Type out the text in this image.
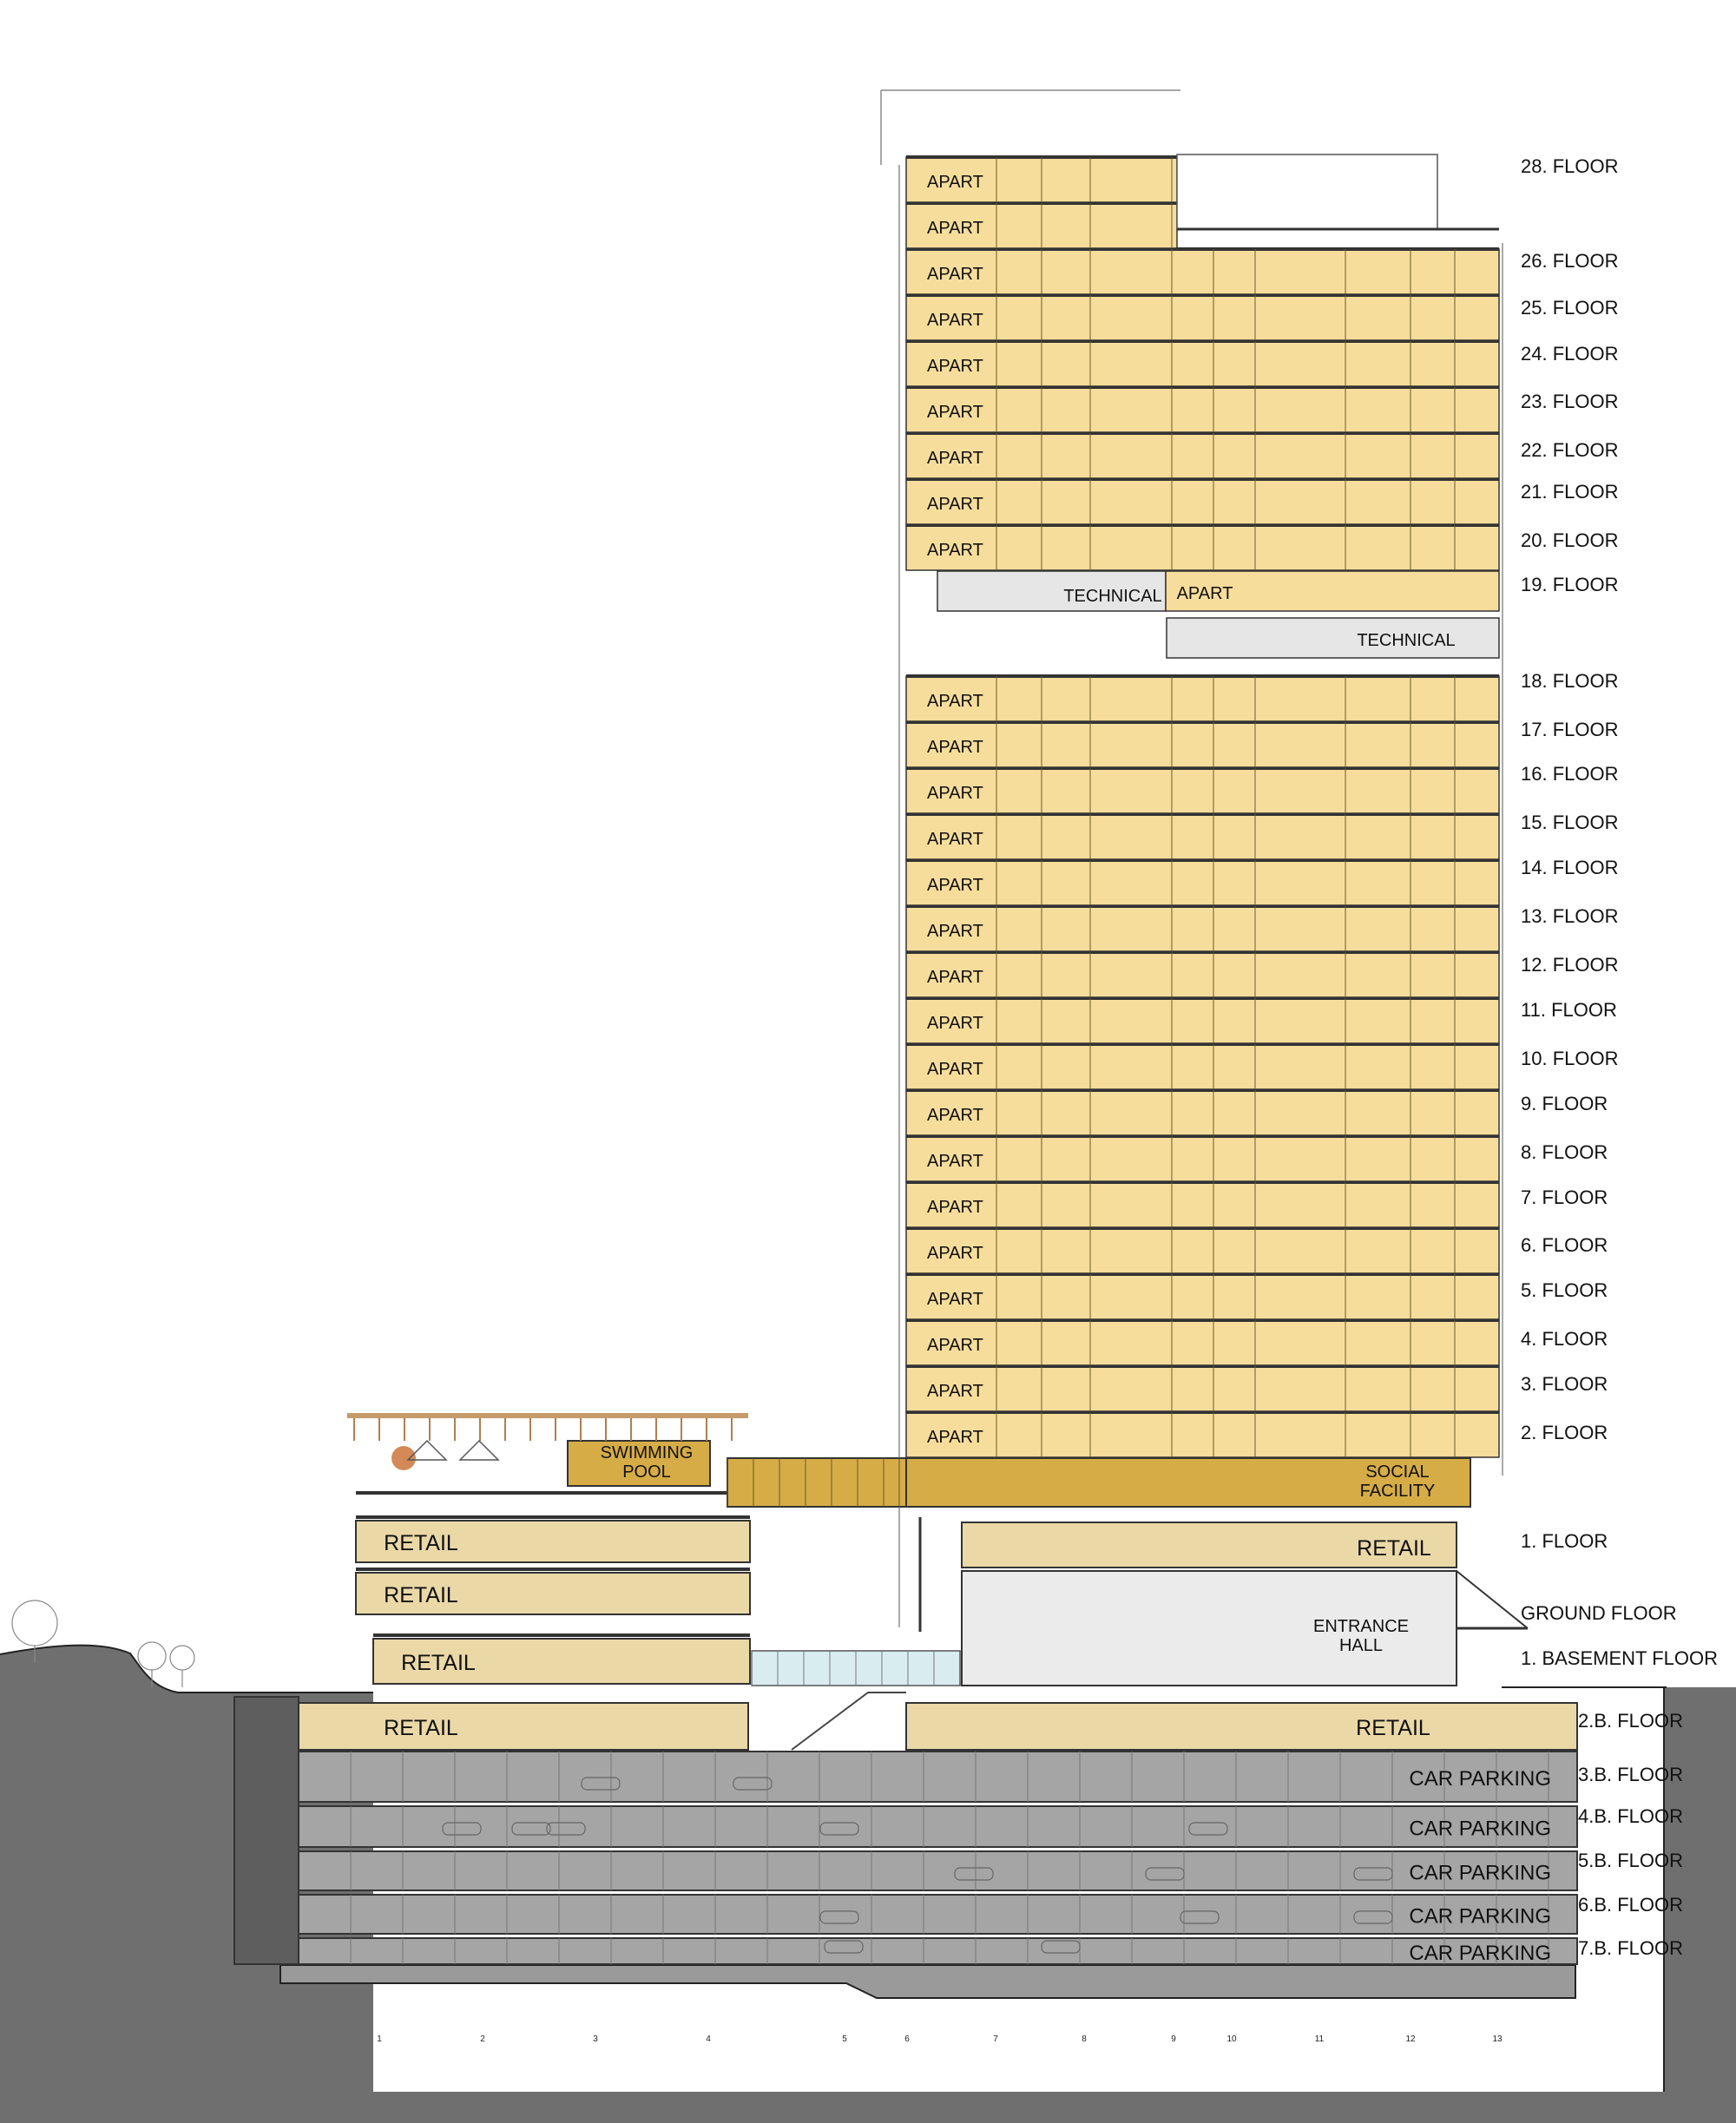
CAR PARKING
CAR PARKING
CAR PARKING
CAR PARKING
CAR PARKING
RETAIL	RETAIL
RETAIL
RETAIL
RETAIL
SWIMMING POOL
ENTRANCE HALL
RETAIL
SOCIAL FACILITY
TECHNICAL
TECHNICAL APART
APART
APART
APART
APART
APART
APART
APART
APART
APART
APART
APART
APART
APART
APART
APART
APART
APART
APART
APART
APART
APART
APART
APART
APART
APART
APART
28. FLOOR
26. FLOOR
25. FLOOR
24. FLOOR
23. FLOOR
22. FLOOR
21. FLOOR
20. FLOOR
19. FLOOR
18. FLOOR
17. FLOOR
16. FLOOR
15. FLOOR
14. FLOOR
13. FLOOR
12. FLOOR
11. FLOOR
10. FLOOR
9. FLOOR
8. FLOOR
7. FLOOR
6. FLOOR
5. FLOOR
4. FLOOR
3. FLOOR
2. FLOOR
1. FLOOR
GROUND FLOOR
1. BASEMENT FLOOR
2.B. FLOOR
3.B. FLOOR
4.B. FLOOR
5.B. FLOOR
6.B. FLOOR
7.B. FLOOR
1	2	3	4	5	6	7	8	9	10	11	12	13
